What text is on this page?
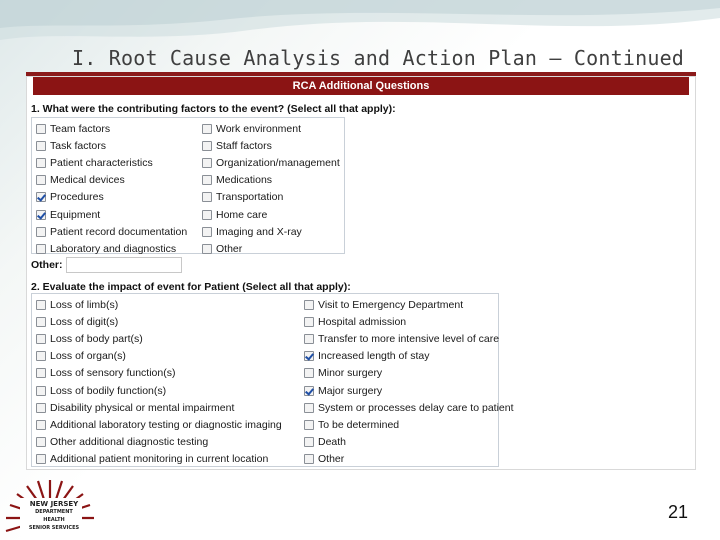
I. Root Cause Analysis and Action Plan – Continued
RCA Additional Questions
1. What were the contributing factors to the event? (Select all that apply):
Team factors
Task factors
Patient characteristics
Medical devices
Procedures
Equipment
Patient record documentation
Laboratory and diagnostics
Work environment
Staff factors
Organization/management
Medications
Transportation
Home care
Imaging and X-ray
Other
Other:
2. Evaluate the impact of event for Patient (Select all that apply):
Loss of limb(s)
Loss of digit(s)
Loss of body part(s)
Loss of organ(s)
Loss of sensory function(s)
Loss of bodily function(s)
Disability physical or mental impairment
Additional laboratory testing or diagnostic imaging
Other additional diagnostic testing
Additional patient monitoring in current location
Visit to Emergency Department
Hospital admission
Transfer to more intensive level of care
Increased length of stay
Minor surgery
Major surgery
System or processes delay care to patient
To be determined
Death
Other
NEW JERSEY
DEPARTMENT
HEALTH
SENIOR SERVICES
21
